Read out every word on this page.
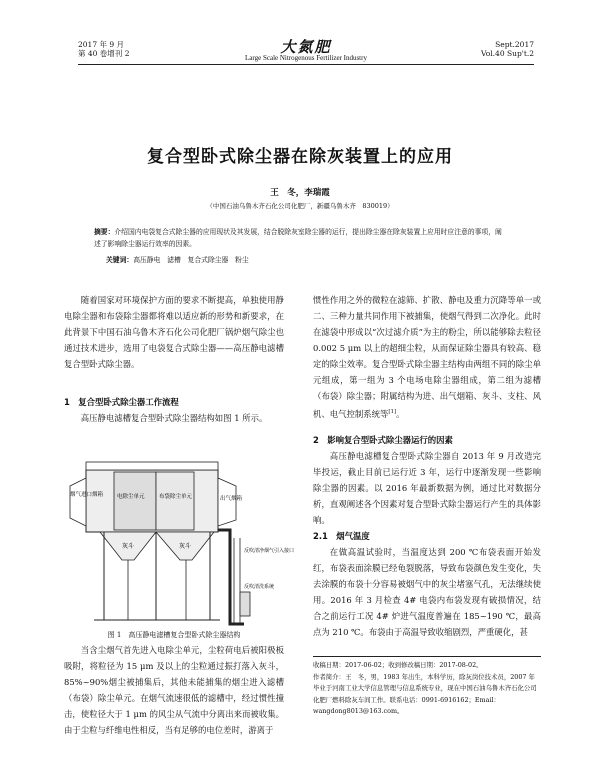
2017 年 9 月
第 40 卷增刊 2	大氮肥
Large Scale Nitrogenous Fertilizer Industry
Sept.2017
Vol.40 Sup't.2
复合型卧式除尘器在除灰装置上的应用
王　冬，李瑞霞
（中国石油乌鲁木齐石化公司化肥厂，新疆乌鲁木齐　830019）
摘要：介绍国内电袋复合式除尘器的应用现状及其发展，结合脱除灰室除尘器的运行，提出除尘器在除灰装置上应用时应注意的事项，阐述了影响除尘器运行效率的因素。
关键词：高压静电　滤槽　复合式除尘器　粉尘

随着国家对环境保护方面的要求不断提高，单独使用静电除尘器和布袋除尘器都将难以适应新的形势和新要求，在此背景下中国石油乌鲁木齐石化公司化肥厂锅炉烟气除尘也通过技术进步，选用了电袋复合式除尘器——高压静电滤槽复合型卧式除尘器。

1　复合型卧式除尘器工作流程

高压静电滤槽复合型卧式除尘器结构如图 1 所示。

烟气进口烟箱	电除尘单元	布袋除尘单元	出气烟箱
灰斗	灰斗
反吹清净烟气引入接口
反吹清洗系统
图 1　高压静电滤槽复合型卧式除尘器结构

当含尘烟气首先进入电除尘单元，尘粒荷电后被阳极板吸附，将粒径为 15 μm 及以上的尘粒通过振打落入灰斗，85%~90%烟尘被捕集后，其他未能捕集的烟尘进入滤槽（布袋）除尘单元。在烟气流速很低的滤槽中，经过惯性撞击，使粒径大于 1 μm 的风尘从气流中分离出来而被收集。由于尘粒与纤维电性相反，当有足够的电位差时，游离于

惯性作用之外的微粒在滤筛、扩散、静电及重力沉降等单一或二、三种力量共同作用下被捕集，使烟气得到二次净化。此时在滤袋中形成以“次过滤介质”为主的粉尘，所以能够除去粒径 0.002 5 μm 以上的超细尘粒，从而保证除尘器具有较高、稳定的除尘效率。复合型卧式除尘器主结构由两组不同的除尘单元组成，第一组为 3 个电场电除尘器组成，第二组为滤槽（布袋）除尘器；附属结构为进、出气烟箱、灰斗、支柱、风机、电气控制系统等[1]。

2　影响复合型卧式除尘器运行的因素

高压静电滤槽复合型卧式除尘器自 2013 年 9 月改造完毕投运，截止目前已运行近 3 年，运行中逐渐发现一些影响除尘器的因素。以 2016 年最新数据为例，通过比对数据分析，直观阐述各个因素对复合型卧式除尘器运行产生的具体影响。

2.1　烟气温度

在做高温试验时，当温度达到 200 ℃布袋表面开始发红，布袋表面涂膜已经龟裂脱落，导致布袋颜色发生变化，失去涂膜的布袋十分容易被烟气中的灰尘堵塞气孔，无法继续使用。2016 年 3 月检查 4# 电袋内布袋发现有破损情况，结合之前运行工况 4# 炉进气温度普遍在 185~190 ℃，最高点为 210 ℃。布袋由于高温导致收缩剧烈，严重硬化，甚

收稿日期：2017-06-02；收到修改稿日期：2017-08-02。
作者简介：王　冬，男，1983 年出生，本科学历，除灰岗位技术员，2007 年毕业于河南工业大学信息管理与信息系统专业，现在中国石油乌鲁木齐石化公司化肥厂燃料除灰车间工作。联系电话：0991-6916162；Email：wangdong8013@163.com。
